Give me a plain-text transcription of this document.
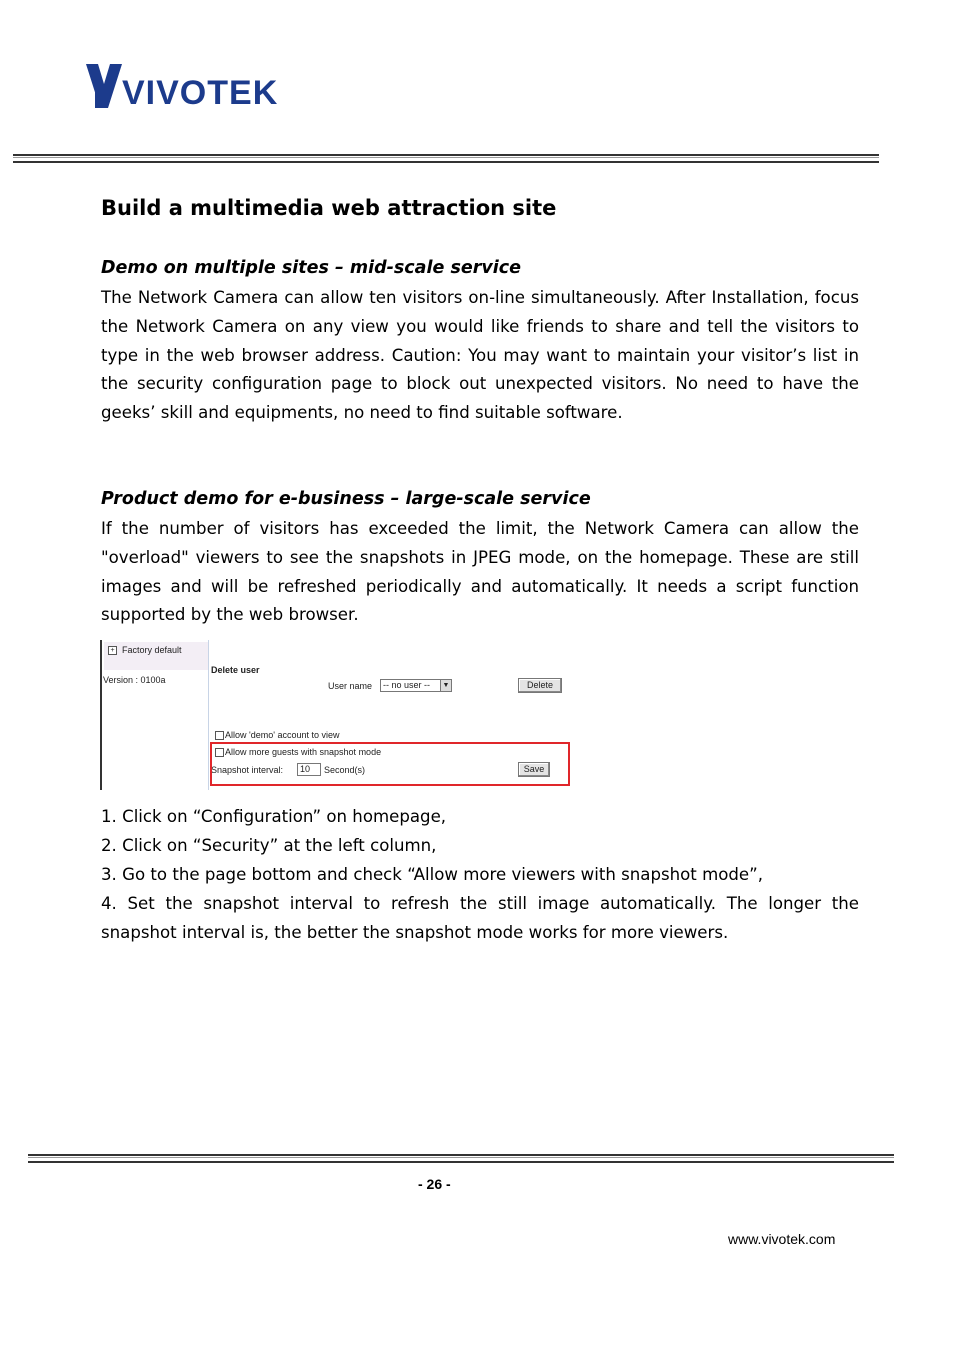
VIVOTEK
Build a multimedia web attraction site
Demo on multiple sites – mid-scale service

The Network Camera can allow ten visitors on-line simultaneously. After Installation, focus the Network Camera on any view you would like friends to share and tell the visitors to type in the web browser address. Caution: You may want to maintain your visitor’s list in the security configuration page to block out unexpected visitors. No need to have the geeks’ skill and equipments, no need to find suitable software.

Product demo for e-business – large-scale service

If the number of visitors has exceeded the limit, the Network Camera can allow the "overload" viewers to see the snapshots in JPEG mode, on the homepage. These are still images and will be refreshed periodically and automatically. It needs a script function supported by the web browser.

+ Factory default
Version : 0100a
Delete user
User name	-- no user --	▼	Delete
Allow 'demo' account to view
Allow more guests with snapshot mode
Snapshot interval:	10	Second(s)	Save

1. Click on “Configuration” on homepage,

2. Click on “Security” at the left column,

3. Go to the page bottom and check “Allow more viewers with snapshot mode”,

4. Set the snapshot interval to refresh the still image automatically. The longer the snapshot interval is, the better the snapshot mode works for more viewers.

- 26 -
www.vivotek.com
